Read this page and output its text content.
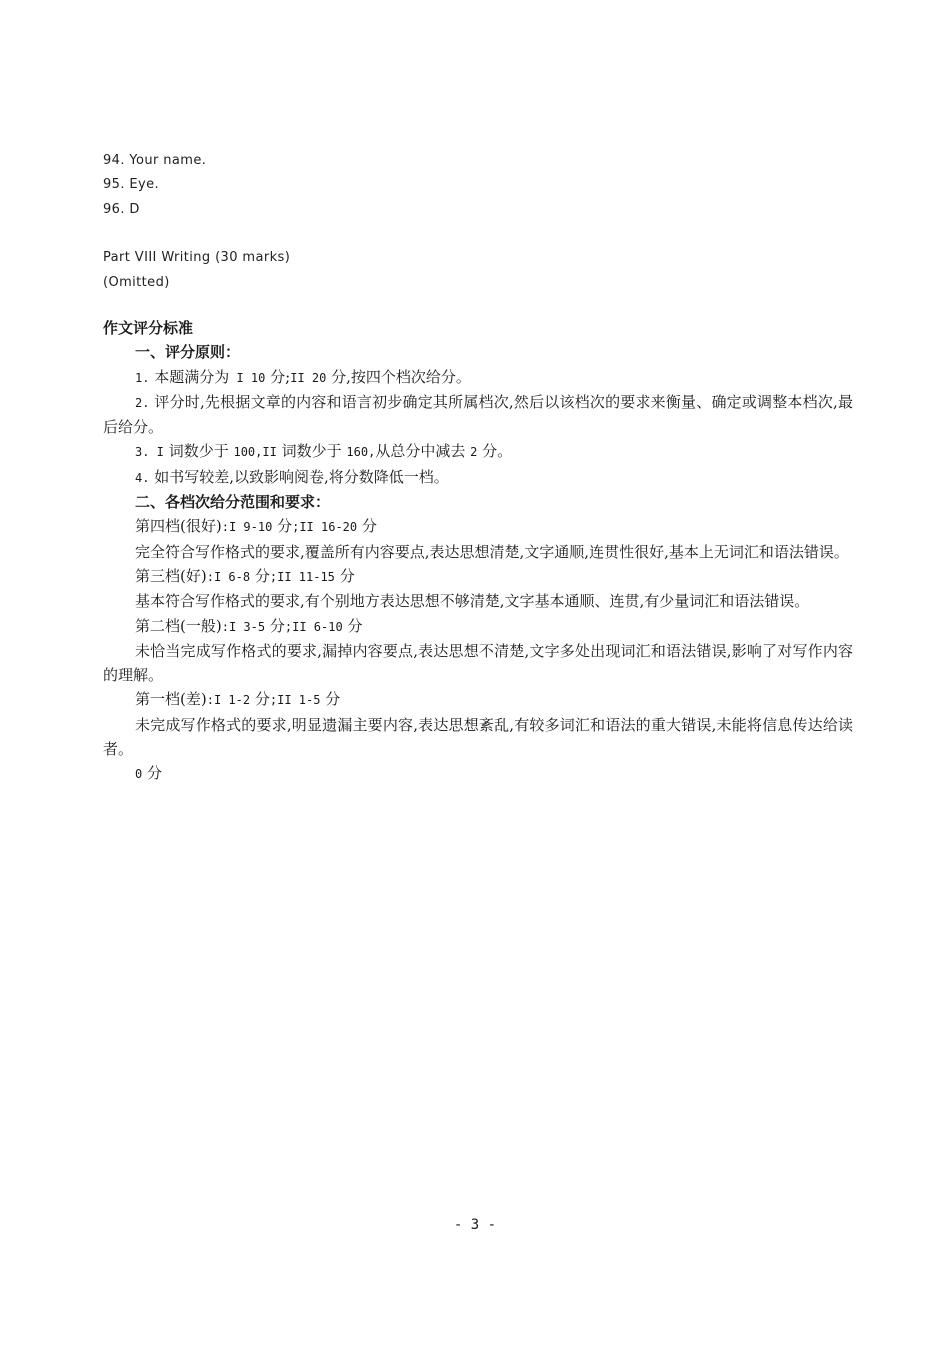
94. Your name.
95. Eye.
96. D
Part VIII Writing (30 marks)
(Omitted)

作文评分标准

一、评分原则：

1. 本题满分为 I 10 分;II 20 分,按四个档次给分。

2. 评分时,先根据文章的内容和语言初步确定其所属档次,然后以该档次的要求来衡量、确定或调整本档次,最后给分。

3. I 词数少于 100,II 词数少于 160,从总分中减去 2 分。

4. 如书写较差,以致影响阅卷,将分数降低一档。

二、各档次给分范围和要求：

第四档(很好):I 9-10 分;II 16-20 分

完全符合写作格式的要求,覆盖所有内容要点,表达思想清楚,文字通顺,连贯性很好,基本上无词汇和语法错误。

第三档(好):I 6-8 分;II 11-15 分

基本符合写作格式的要求,有个别地方表达思想不够清楚,文字基本通顺、连贯,有少量词汇和语法错误。

第二档(一般):I 3-5 分;II 6-10 分

未恰当完成写作格式的要求,漏掉内容要点,表达思想不清楚,文字多处出现词汇和语法错误,影响了对写作内容的理解。

第一档(差):I 1-2 分;II 1-5 分

未完成写作格式的要求,明显遗漏主要内容,表达思想紊乱,有较多词汇和语法的重大错误,未能将信息传达给读者。

0 分

- 3 -
